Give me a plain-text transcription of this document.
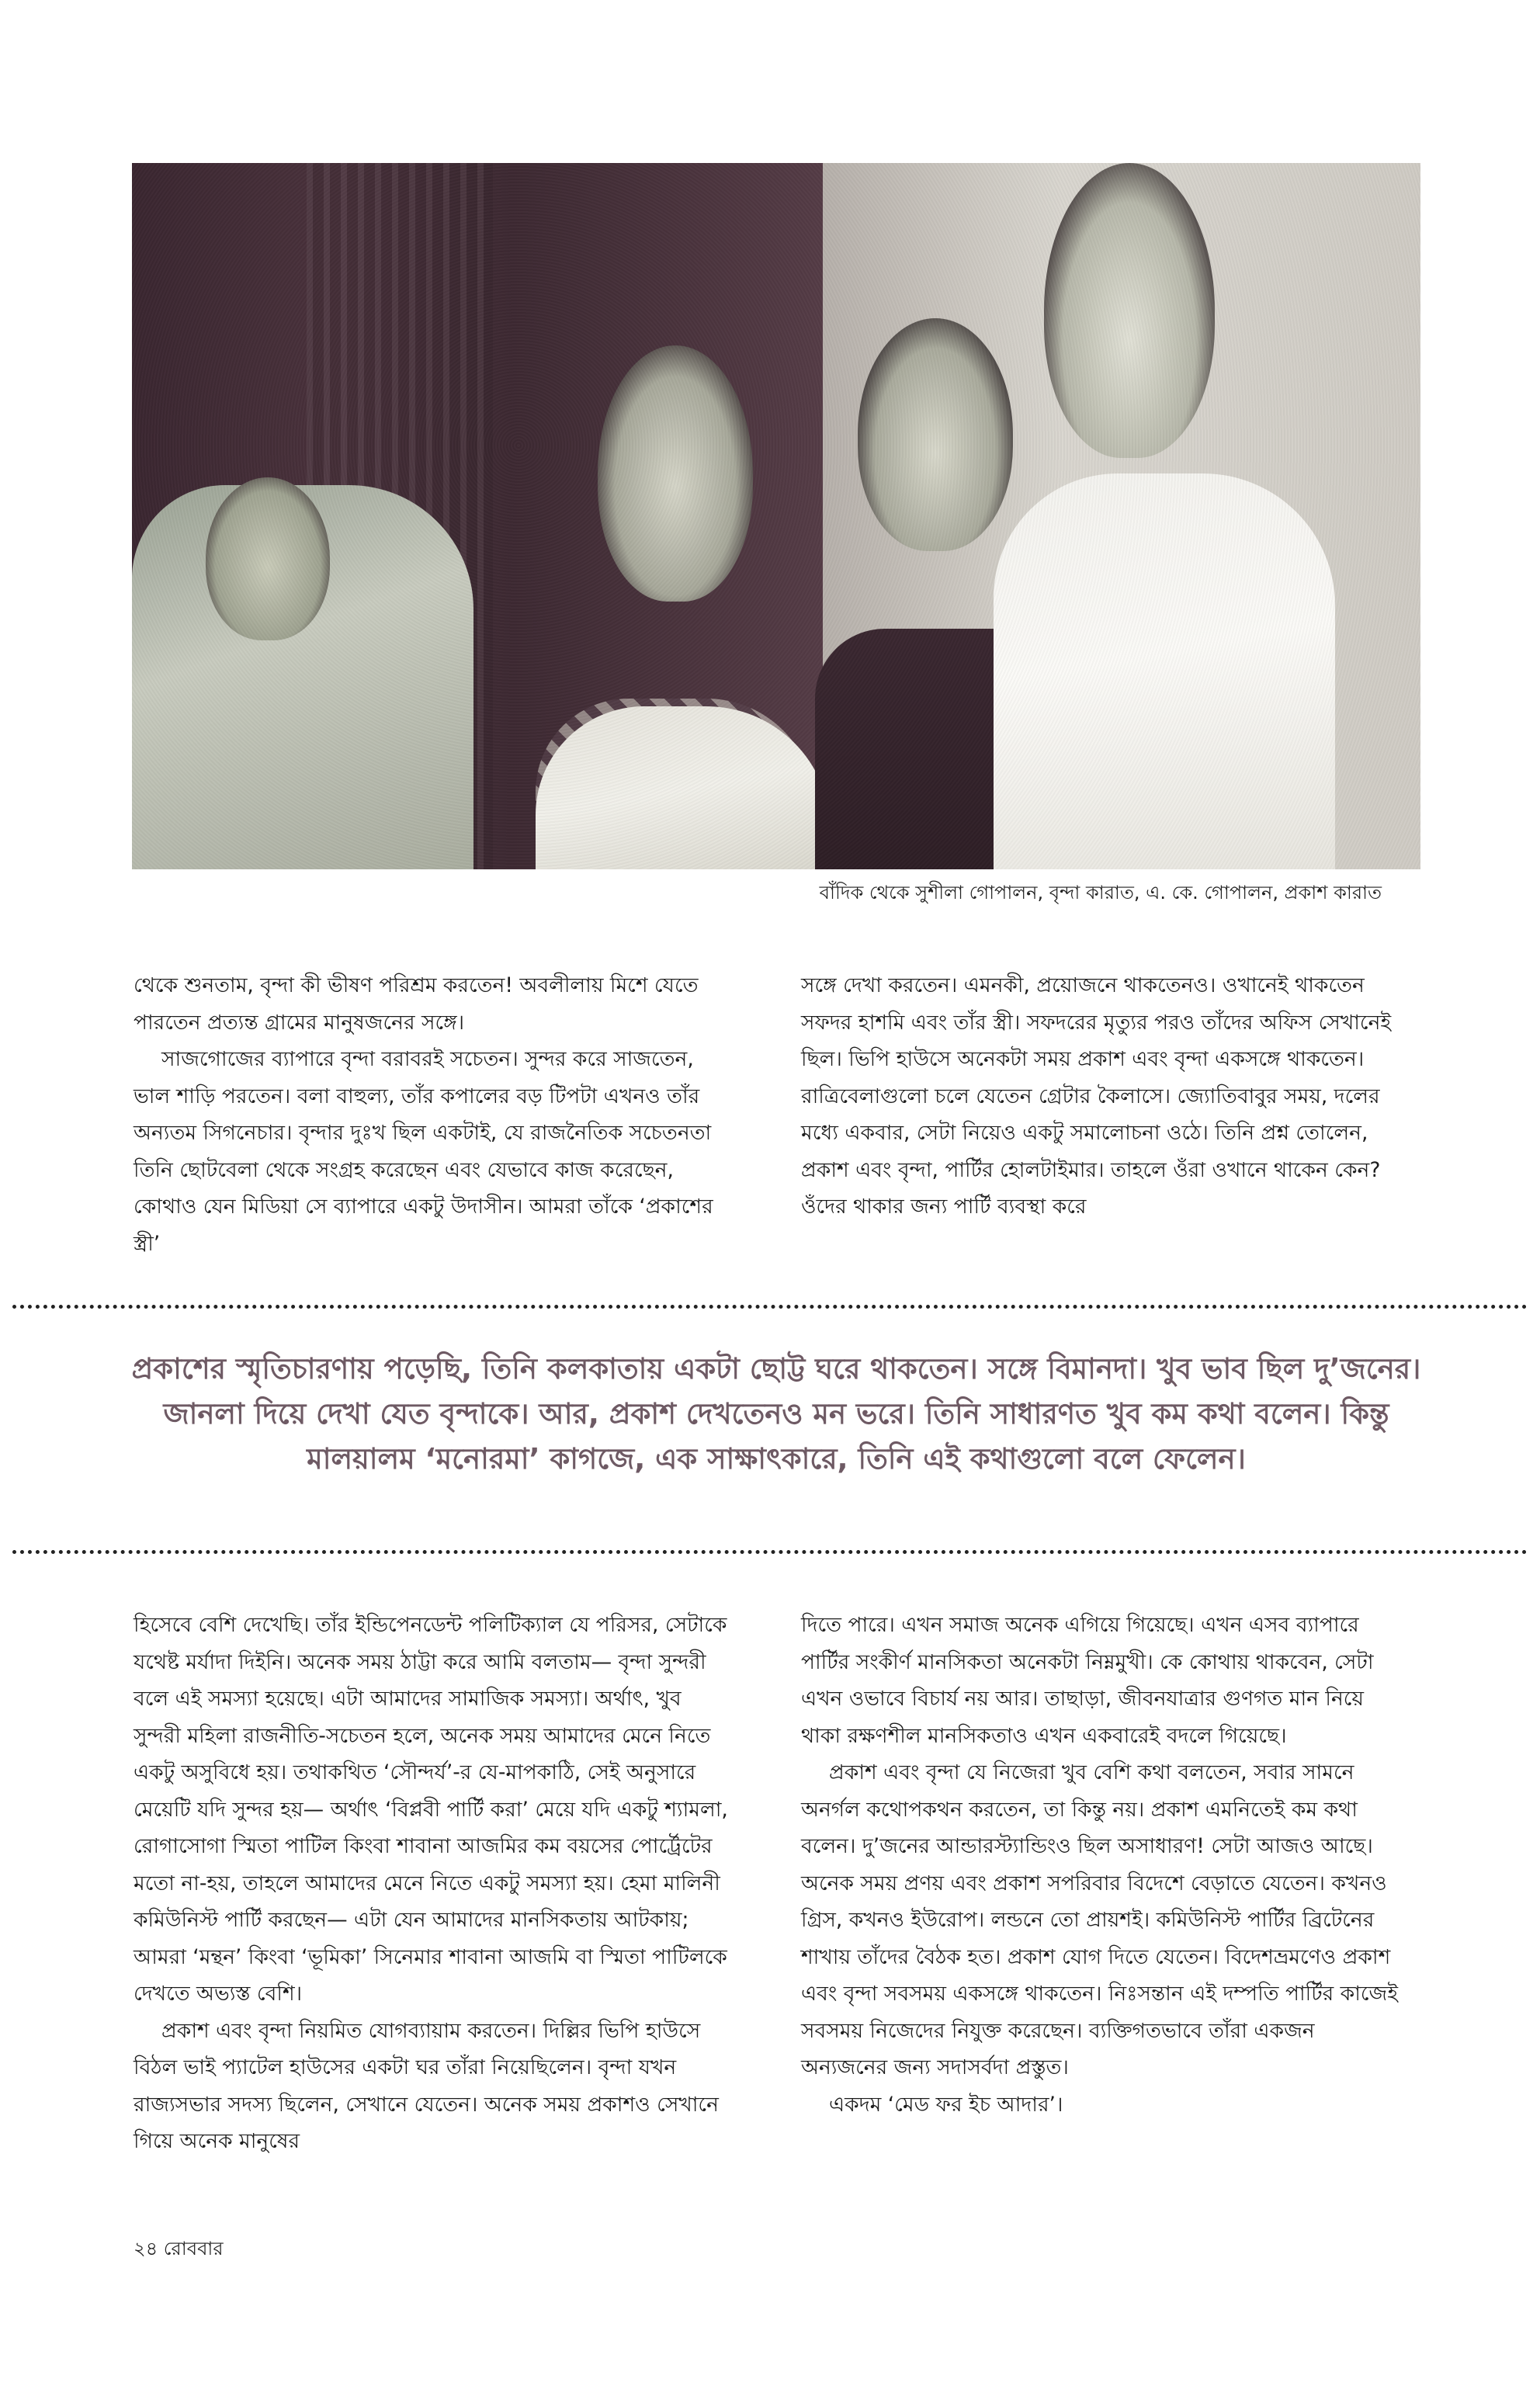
বাঁদিক থেকে সুশীলা গোপালন, বৃন্দা কারাত, এ. কে. গোপালন, প্রকাশ কারাত

থেকে শুনতাম, বৃন্দা কী ভীষণ পরিশ্রম করতেন! অবলীলায় মিশে যেতে পারতেন প্রত্যন্ত গ্রামের মানুষজনের সঙ্গে।

সাজগোজের ব্যাপারে বৃন্দা বরাবরই সচেতন। সুন্দর করে সাজতেন, ভাল শাড়ি পরতেন। বলা বাহুল্য, তাঁর কপালের বড় টিপটা এখনও তাঁর অন্যতম সিগনেচার। বৃন্দার দুঃখ ছিল একটাই, যে রাজনৈতিক সচেতনতা তিনি ছোটবেলা থেকে সংগ্রহ করেছেন এবং যেভাবে কাজ করেছেন, কোথাও যেন মিডিয়া সে ব্যাপারে একটু উদাসীন। আমরা তাঁকে ‘প্রকাশের স্ত্রী’

সঙ্গে দেখা করতেন। এমনকী, প্রয়োজনে থাকতেনও। ওখানেই থাকতেন সফদর হাশমি এবং তাঁর স্ত্রী। সফদরের মৃত্যুর পরও তাঁদের অফিস সেখানেই ছিল। ভিপি হাউসে অনেকটা সময় প্রকাশ এবং বৃন্দা একসঙ্গে থাকতেন। রাত্রিবেলাগুলো চলে যেতেন গ্রেটার কৈলাসে। জ্যোতিবাবুর সময়, দলের মধ্যে একবার, সেটা নিয়েও একটু সমালোচনা ওঠে। তিনি প্রশ্ন তোলেন, প্রকাশ এবং বৃন্দা, পার্টির হোলটাইমার। তাহলে ওঁরা ওখানে থাকেন কেন? ওঁদের থাকার জন্য পার্টি ব্যবস্থা করে

প্রকাশের স্মৃতিচারণায় পড়েছি, তিনি কলকাতায় একটা ছোট্ট ঘরে থাকতেন। সঙ্গে বিমানদা। খুব ভাব ছিল দু’জনের। জানলা দিয়ে দেখা যেত বৃন্দাকে। আর, প্রকাশ দেখতেনও মন ভরে। তিনি সাধারণত খুব কম কথা বলেন। কিন্তু মালয়ালম ‘মনোরমা’ কাগজে, এক সাক্ষাৎকারে, তিনি এই কথাগুলো বলে ফেলেন।

হিসেবে বেশি দেখেছি। তাঁর ইন্ডিপেনডেন্ট পলিটিক্যাল যে পরিসর, সেটাকে যথেষ্ট মর্যাদা দিইনি। অনেক সময় ঠাট্টা করে আমি বলতাম— বৃন্দা সুন্দরী বলে এই সমস্যা হয়েছে। এটা আমাদের সামাজিক সমস্যা। অর্থাৎ, খুব সুন্দরী মহিলা রাজনীতি-সচেতন হলে, অনেক সময় আমাদের মেনে নিতে একটু অসুবিধে হয়। তথাকথিত ‘সৌন্দর্য’-র যে-মাপকাঠি, সেই অনুসারে মেয়েটি যদি সুন্দর হয়— অর্থাৎ ‘বিপ্লবী পার্টি করা’ মেয়ে যদি একটু শ্যামলা, রোগাসোগা স্মিতা পাটিল কিংবা শাবানা আজমির কম বয়সের পোর্ট্রেটের মতো না-হয়, তাহলে আমাদের মেনে নিতে একটু সমস্যা হয়। হেমা মালিনী কমিউনিস্ট পার্টি করছেন— এটা যেন আমাদের মানসিকতায় আটকায়; আমরা ‘মন্থন’ কিংবা ‘ভূমিকা’ সিনেমার শাবানা আজমি বা স্মিতা পাটিলকে দেখতে অভ্যস্ত বেশি।

প্রকাশ এবং বৃন্দা নিয়মিত যোগব্যায়াম করতেন। দিল্লির ভিপি হাউসে বিঠল ভাই প্যাটেল হাউসের একটা ঘর তাঁরা নিয়েছিলেন। বৃন্দা যখন রাজ্যসভার সদস্য ছিলেন, সেখানে যেতেন। অনেক সময় প্রকাশও সেখানে গিয়ে অনেক মানুষের

দিতে পারে। এখন সমাজ অনেক এগিয়ে গিয়েছে। এখন এসব ব্যাপারে পার্টির সংকীর্ণ মানসিকতা অনেকটা নিম্নমুখী। কে কোথায় থাকবেন, সেটা এখন ওভাবে বিচার্য নয় আর। তাছাড়া, জীবনযাত্রার গুণগত মান নিয়ে থাকা রক্ষণশীল মানসিকতাও এখন একবারেই বদলে গিয়েছে।

প্রকাশ এবং বৃন্দা যে নিজেরা খুব বেশি কথা বলতেন, সবার সামনে অনর্গল কথোপকথন করতেন, তা কিন্তু নয়। প্রকাশ এমনিতেই কম কথা বলেন। দু’জনের আন্ডারস্ট্যান্ডিংও ছিল অসাধারণ! সেটা আজও আছে। অনেক সময় প্রণয় এবং প্রকাশ সপরিবার বিদেশে বেড়াতে যেতেন। কখনও গ্রিস, কখনও ইউরোপ। লন্ডনে তো প্রায়শই। কমিউনিস্ট পার্টির ব্রিটেনের শাখায় তাঁদের বৈঠক হত। প্রকাশ যোগ দিতে যেতেন। বিদেশভ্রমণেও প্রকাশ এবং বৃন্দা সবসময় একসঙ্গে থাকতেন। নিঃসন্তান এই দম্পতি পার্টির কাজেই সবসময় নিজেদের নিযুক্ত করেছেন। ব্যক্তিগতভাবে তাঁরা একজন অন্যজনের জন্য সদাসর্বদা প্রস্তুত।

একদম ‘মেড ফর ইচ আদার’।

২৪ রোববার
